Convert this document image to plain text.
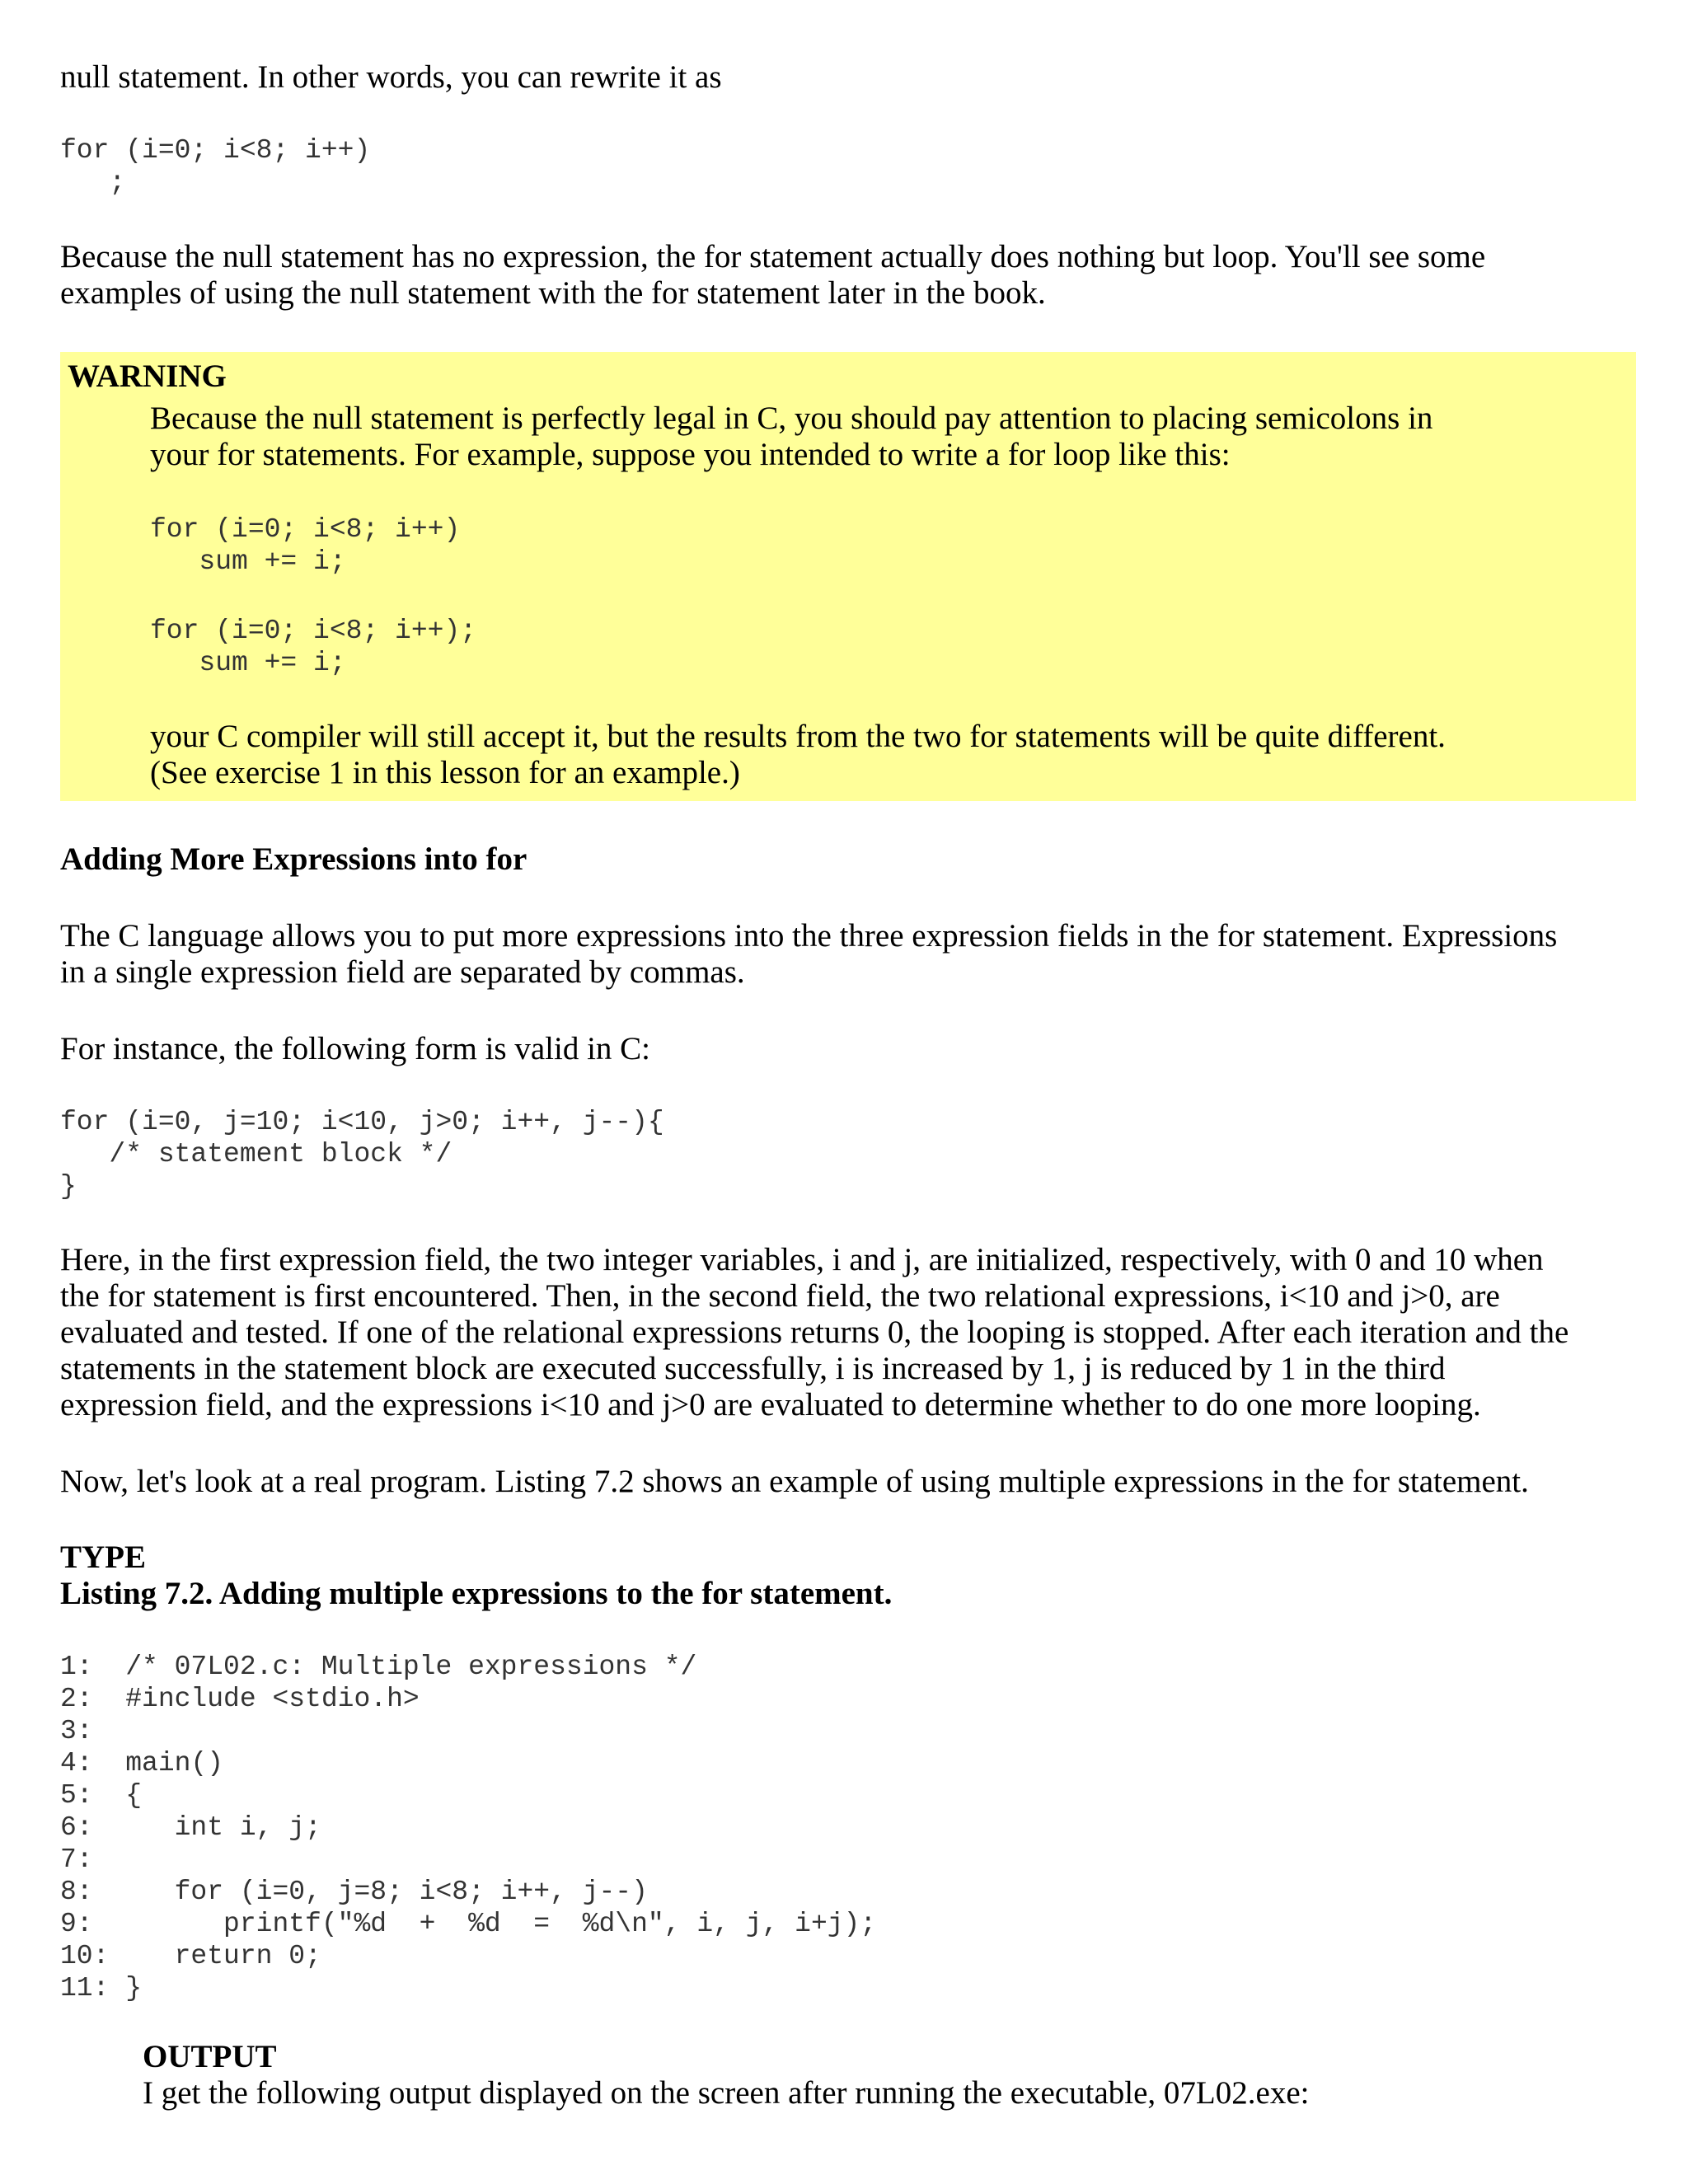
null statement. In other words, you can rewrite it as

for (i=0; i<8; i++)
;

Because the null statement has no expression, the for statement actually does nothing but loop. You'll see some

examples of using the null statement with the for statement later in the book.

WARNING

Because the null statement is perfectly legal in C, you should pay attention to placing semicolons in

your for statements. For example, suppose you intended to write a for loop like this:

for (i=0; i<8; i++)
sum += i;
for (i=0; i<8; i++);
sum += i;

your C compiler will still accept it, but the results from the two for statements will be quite different.

(See exercise 1 in this lesson for an example.)

Adding More Expressions into for

The C language allows you to put more expressions into the three expression fields in the for statement. Expressions

in a single expression field are separated by commas.

For instance, the following form is valid in C:

for (i=0, j=10; i<10, j>0; i++, j--){
/* statement block */
}

Here, in the first expression field, the two integer variables, i and j, are initialized, respectively, with 0 and 10 when

the for statement is first encountered. Then, in the second field, the two relational expressions, i<10 and j>0, are

evaluated and tested. If one of the relational expressions returns 0, the looping is stopped. After each iteration and the

statements in the statement block are executed successfully, i is increased by 1, j is reduced by 1 in the third

expression field, and the expressions i<10 and j>0 are evaluated to determine whether to do one more looping.

Now, let's look at a real program. Listing 7.2 shows an example of using multiple expressions in the for statement.

TYPE

Listing 7.2. Adding multiple expressions to the for statement.

1:  /* 07L02.c: Multiple expressions */
2:  #include <stdio.h>
3:
4:  main()
5:  {
6:     int i, j;
7:
8:     for (i=0, j=8; i<8; i++, j--)
9:        printf("%d  +  %d  =  %d\n", i, j, i+j);
10:    return 0;
11: }

OUTPUT

I get the following output displayed on the screen after running the executable, 07L02.exe:
